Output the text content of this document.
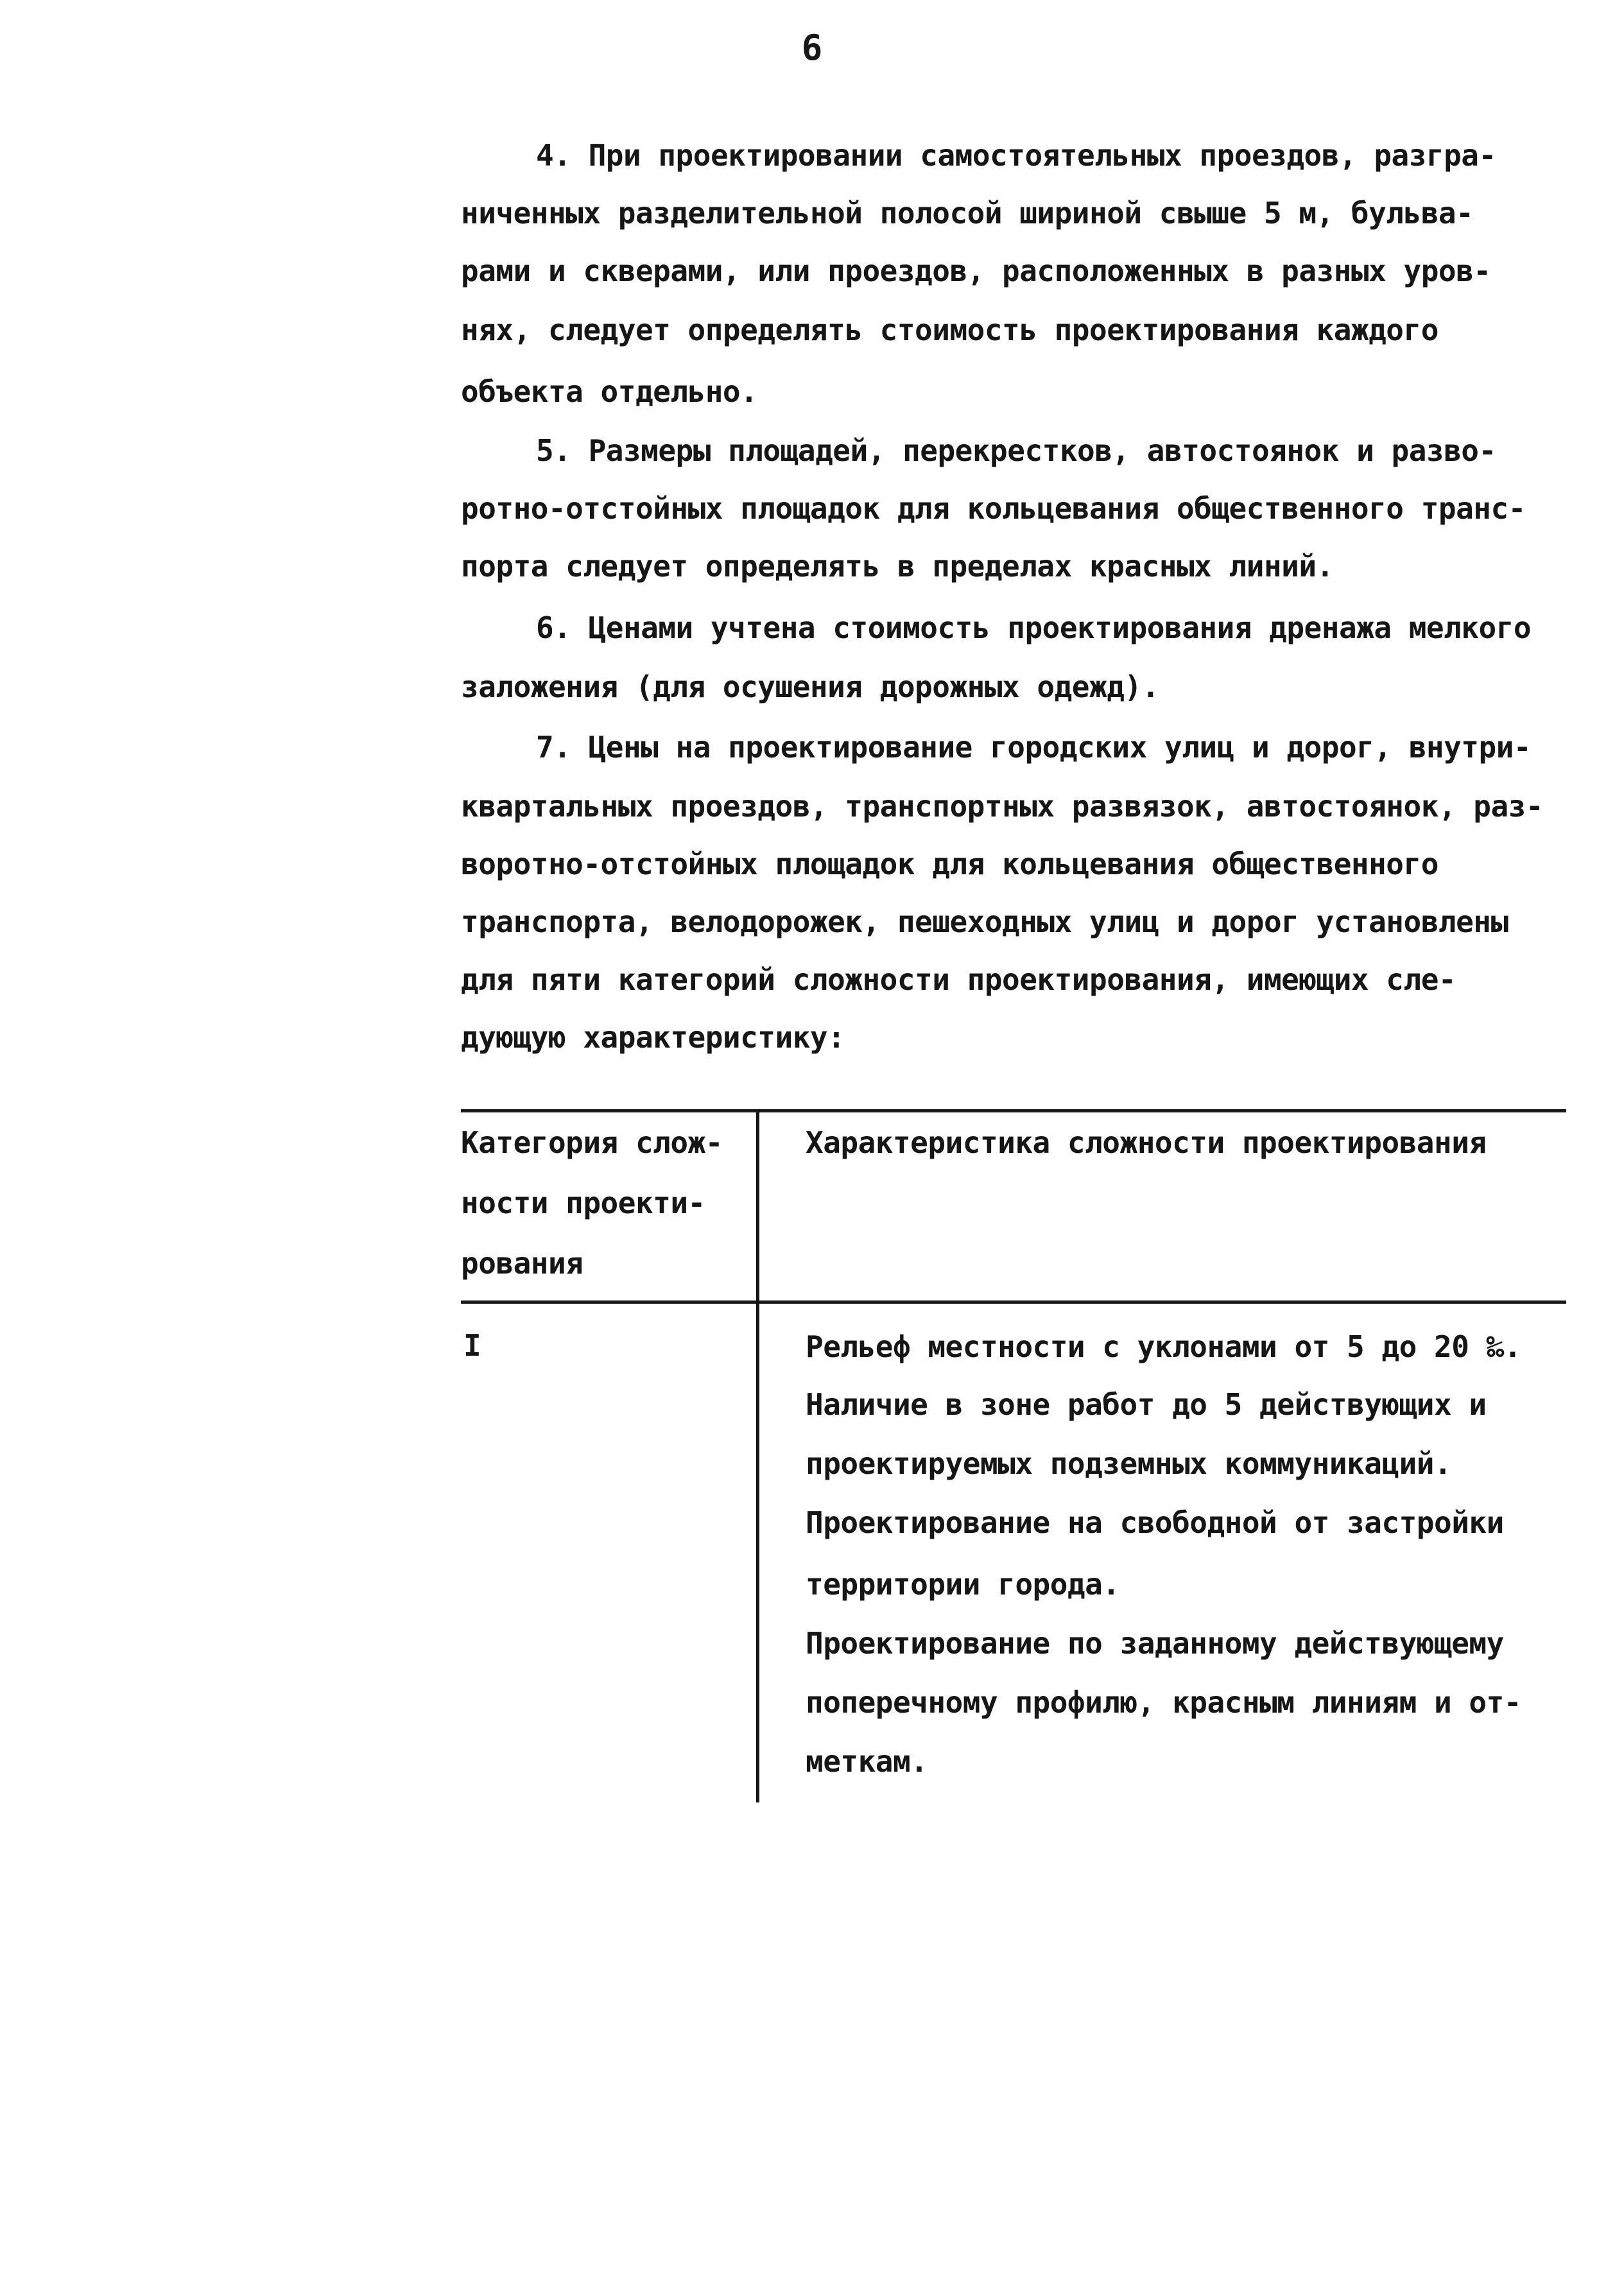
6
4. При проектировании самостоятельных проездов, разгра-
ниченных разделительной полосой шириной свыше 5 м, бульва-
рами и скверами, или проездов, расположенных в разных уров-
нях, следует определять стоимость проектирования каждого
объекта отдельно.
5. Размеры площадей, перекрестков, автостоянок и разво-
ротно-отстойных площадок для кольцевания общественного транс-
порта следует определять в пределах красных линий.
6. Ценами учтена стоимость проектирования дренажа мелкого
заложения (для осушения дорожных одежд).
7. Цены на проектирование городских улиц и дорог, внутри-
квартальных проездов, транспортных развязок, автостоянок, раз-
воротно-отстойных площадок для кольцевания общественного
транспорта, велодорожек, пешеходных улиц и дорог установлены
для пяти категорий сложности проектирования, имеющих сле-
дующую характеристику:
Категория слож-
ности проекти-
рования
Характеристика сложности проектирования
I	Рельеф местности с уклонами от 5 до 20 ‰.
Наличие в зоне работ до 5 действующих и
проектируемых подземных коммуникаций.
Проектирование на свободной от застройки
территории города.
Проектирование по заданному действующему
поперечному профилю, красным линиям и от-
меткам.
